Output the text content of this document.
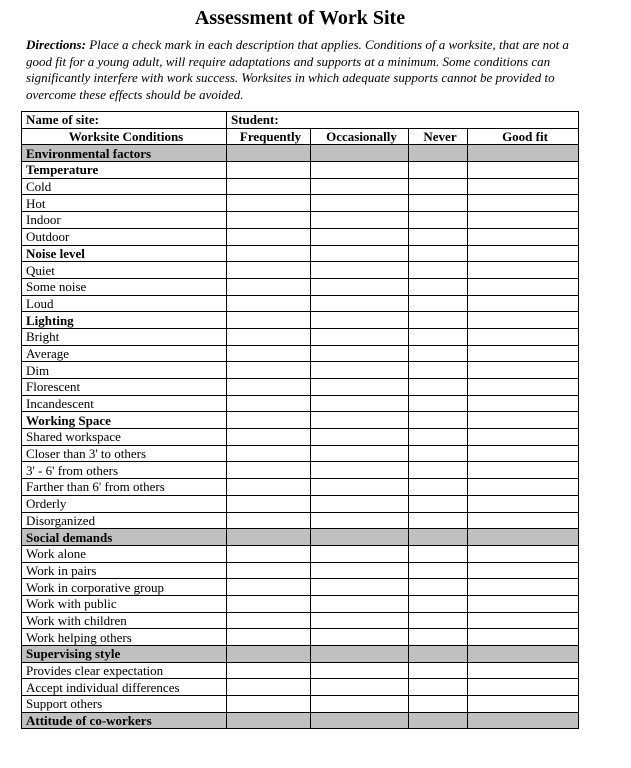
Assessment of Work Site
Directions: Place a check mark in each description that applies. Conditions of a worksite, that are not a good fit for a young adult, will require adaptations and supports at a minimum. Some conditions can significantly interfere with work success. Worksites in which adequate supports cannot be provided to overcome these effects should be avoided.
Name of site:	Student:			
Worksite Conditions	Frequently	Occasionally	Never	Good fit
Environmental factors				
Temperature				
Cold				
Hot				
Indoor				
Outdoor				
Noise level				
Quiet				
Some noise				
Loud				
Lighting				
Bright				
Average				
Dim				
Florescent				
Incandescent				
Working Space				
Shared workspace				
Closer than 3' to others				
3' - 6' from others				
Farther than 6' from others				
Orderly				
Disorganized				
Social demands				
Work alone				
Work in pairs				
Work in corporative group				
Work with public				
Work with children				
Work helping others				
Supervising style				
Provides clear expectation				
Accept individual differences				
Support others				
Attitude of co-workers				
